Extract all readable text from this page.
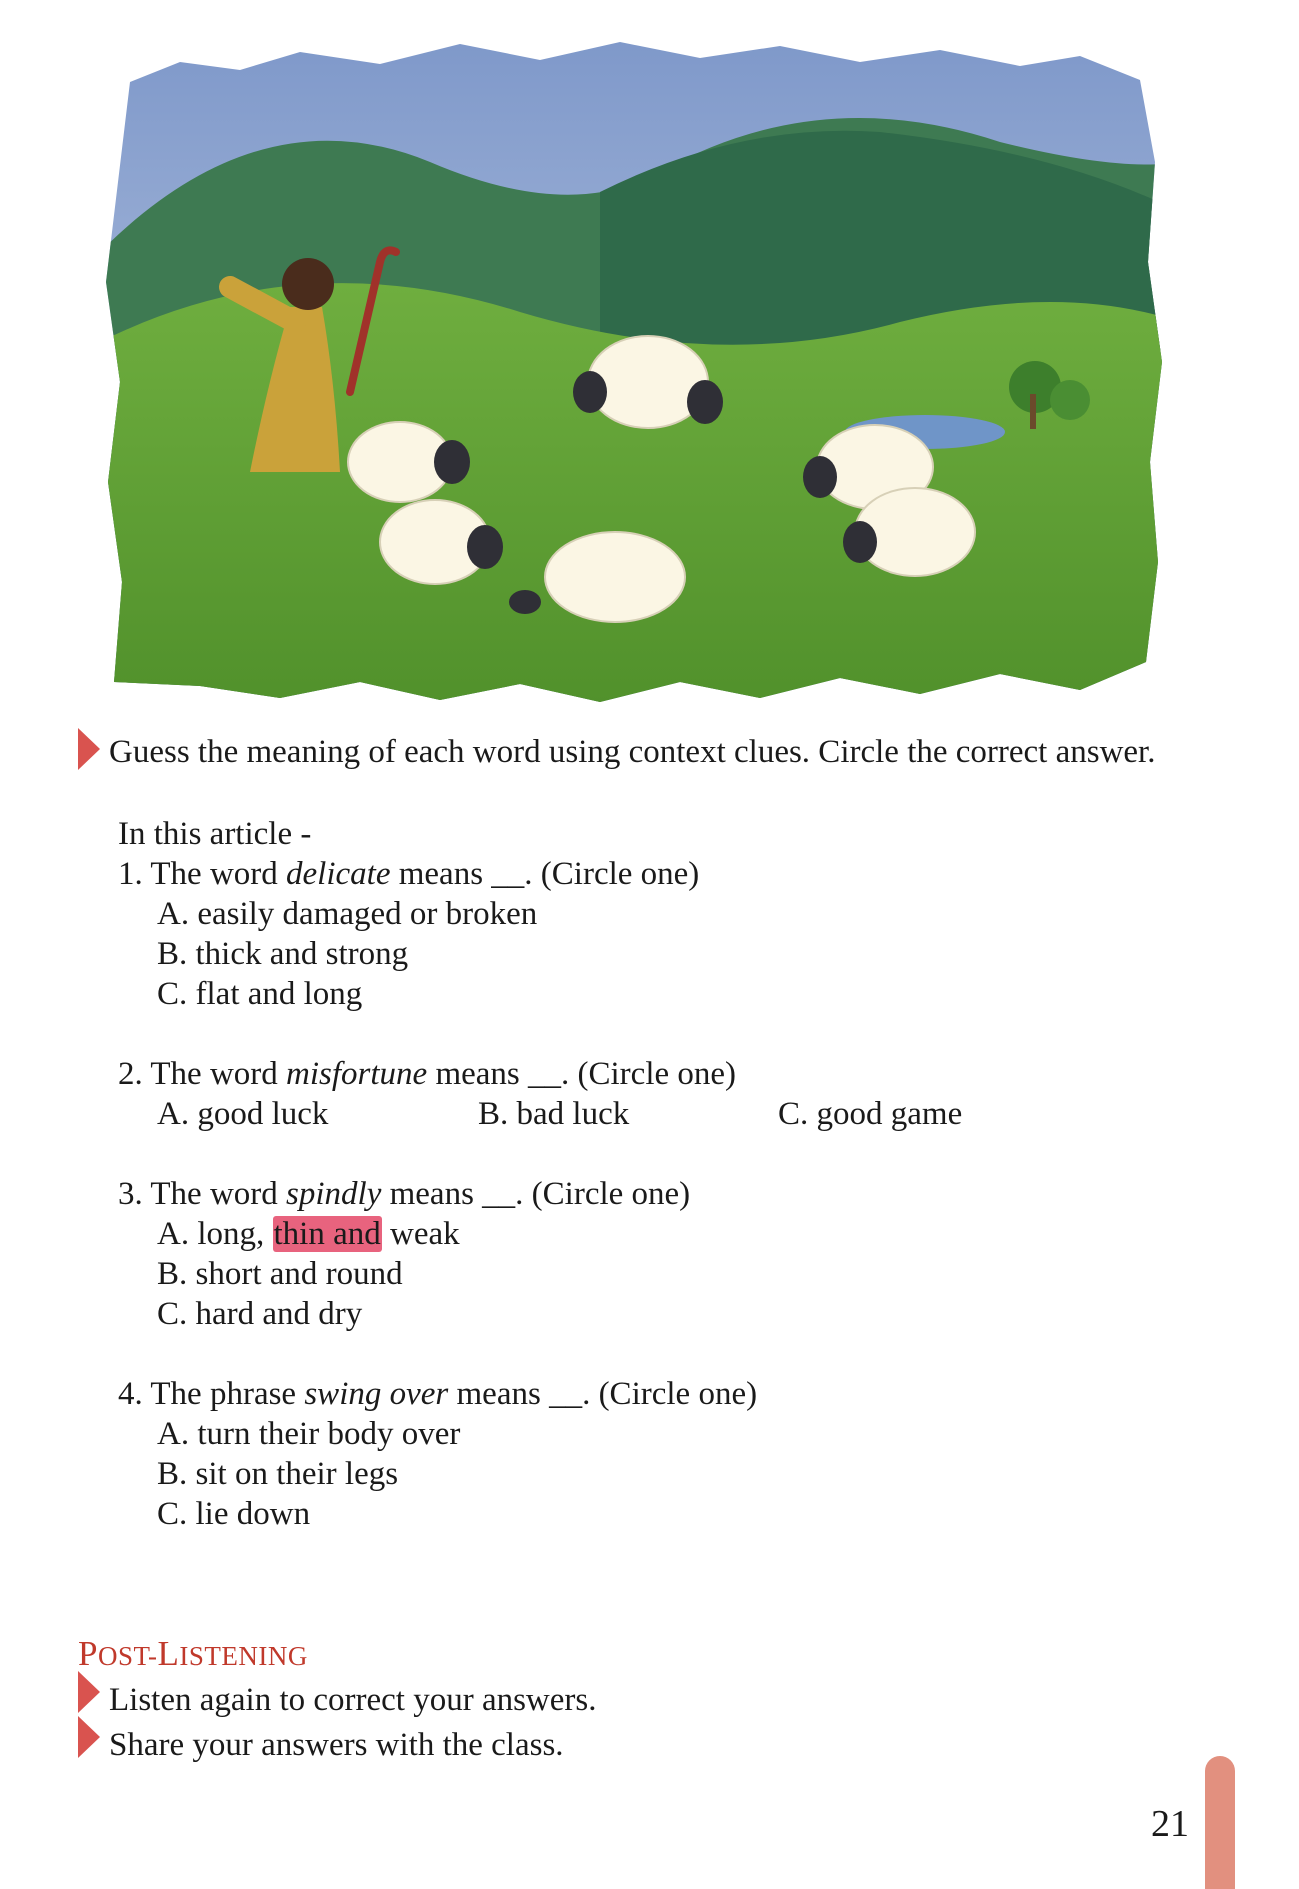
Guess the meaning of each word using context clues. Circle the correct answer.
In this article -
1. The word delicate means __. (Circle one)
A. easily damaged or broken
B. thick and strong
C. flat and long
2. The word misfortune means __. (Circle one)
A. good luck	B. bad luck	C. good game
3. The word spindly means __. (Circle one)
A. long, thin and weak
B. short and round
C. hard and dry
4. The phrase swing over means __. (Circle one)
A. turn their body over
B. sit on their legs
C. lie down
POST-LISTENING
Listen again to correct your answers.
Share your answers with the class.
21
